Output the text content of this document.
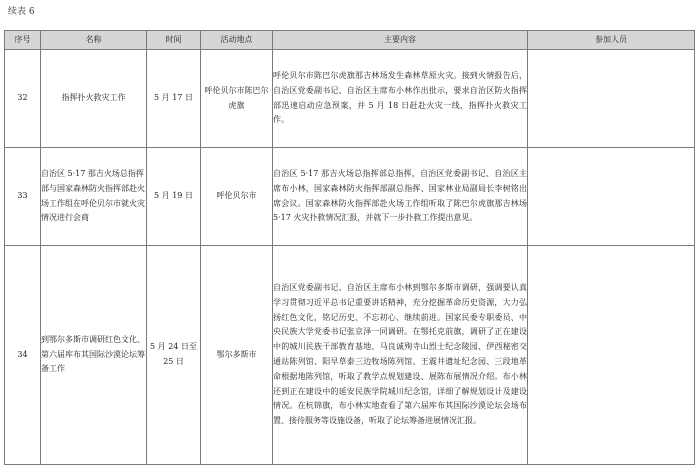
续表 6
序号	名称	时间	活动地点	主要内容	参加人员
32	指挥扑火救灾工作	5 月 17 日	呼伦贝尔市陈巴尔虎旗	呼伦贝尔市陈巴尔虎旗那吉林场发生森林草原火灾。接到火情报告后，自治区党委副书记、自治区主席布小林作出批示，要求自治区防火指挥部迅速启动应急预案，并 5 月 18 日赶赴火灾一线，指挥扑火救灾工作。	
33	自治区 5·17 那吉火场总指挥部与国家森林防火指挥部赴火场工作组在呼伦贝尔市就火灾情况进行会商	5 月 19 日	呼伦贝尔市	自治区 5·17 那吉火场总指挥部总指挥，自治区党委副书记、自治区主席布小林，国家森林防火指挥部副总指挥、国家林业局副局长李树铭出席会议。国家森林防火指挥部赴火场工作组听取了陈巴尔虎旗那吉林场 5·17 火灾扑救情况汇报，并就下一步扑救工作提出意见。	
34	到鄂尔多斯市调研红色文化、第六届库布其国际沙漠论坛筹备工作	5 月 24 日至 25 日	鄂尔多斯市	自治区党委副书记、自治区主席布小林到鄂尔多斯市调研，强调要认真学习贯彻习近平总书记重要讲话精神，充分挖掘革命历史资源，大力弘扬红色文化，铭记历史、不忘初心、继续前进。国家民委专职委员、中央民族大学党委书记张京泽一同调研。在鄂托克前旗，调研了正在建设中的城川民族干部教育基地、马良诚殉寺山烈士纪念陵园、伊西秘密交通站陈列馆、阳早草泰三边牧场陈列馆、王震井遗址纪念园、三段地革命根据地陈列馆，听取了教学点规划建设、展陈布展情况介绍。布小林还到正在建设中的延安民族学院城川纪念馆，详细了解规划设计及建设情况。在杭锦旗，布小林实地查看了第六届库布其国际沙漠论坛会场布置、接待服务等设施设备，听取了论坛筹备进展情况汇报。	
